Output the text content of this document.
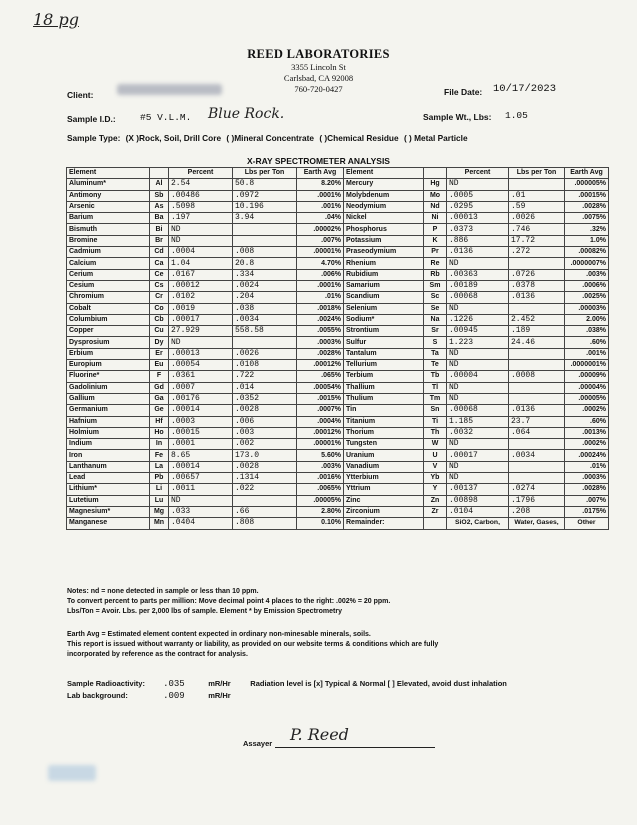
18 pg
REED LABORATORIES
3355 Lincoln St
Carlsbad, CA 92008
760-720-0427
Client:	File Date: 10/17/2023
Sample I.D.:	#5 V.L.M. Blue Rock.	Sample Wt., Lbs: 1.05
Sample Type: (X )Rock, Soil, Drill Core ( )Mineral Concentrate ( )Chemical Residue ( ) Metal Particle
X-RAY SPECTROMETER ANALYSIS
Element		Percent	Lbs per Ton	Earth Avg	Element		Percent	Lbs per Ton	Earth Avg
Aluminum*	Al	2.54	50.8	8.20%	Mercury	Hg	ND		.000005%
Antimony	Sb	.00486	.0972	.0001%	Molybdenum	Mo	.0005	.01	.00015%
Arsenic	As	.5098	10.196	.001%	Neodymium	Nd	.0295	.59	.0028%
Barium	Ba	.197	3.94	.04%	Nickel	Ni	.00013	.0026	.0075%
Bismuth	Bi	ND		.00002%	Phosphorus	P	.0373	.746	.32%
Bromine	Br	ND		.007%	Potassium	K	.886	17.72	1.0%
Cadmium	Cd	.0004	.008	.00001%	Praseodymium	Pr	.0136	.272	.00082%
Calcium	Ca	1.04	20.8	4.70%	Rhenium	Re	ND		.0000007%
Cerium	Ce	.0167	.334	.006%	Rubidium	Rb	.00363	.0726	.003%
Cesium	Cs	.00012	.0024	.0001%	Samarium	Sm	.00189	.0378	.0006%
Chromium	Cr	.0102	.204	.01%	Scandium	Sc	.00068	.0136	.0025%
Cobalt	Co	.0019	.038	.0018%	Selenium	Se	ND		.00003%
Columbium	Cb	.00017	.0034	.0024%	Sodium*	Na	.1226	2.452	2.00%
Copper	Cu	27.929	558.58	.0055%	Strontium	Sr	.00945	.189	.038%
Dysprosium	Dy	ND		.0003%	Sulfur	S	1.223	24.46	.60%
Erbium	Er	.00013	.0026	.0028%	Tantalum	Ta	ND		.001%
Europium	Eu	.00054	.0108	.00012%	Tellurium	Te	ND		.0000001%
Fluorine*	F	.0361	.722	.065%	Terbium	Tb	.00004	.0008	.00009%
Gadolinium	Gd	.0007	.014	.00054%	Thallium	Tl	ND		.00004%
Gallium	Ga	.00176	.0352	.0015%	Thulium	Tm	ND		.00005%
Germanium	Ge	.00014	.0028	.0007%	Tin	Sn	.00068	.0136	.0002%
Hafnium	Hf	.0003	.006	.0004%	Titanium	Ti	1.185	23.7	.60%
Holmium	Ho	.00015	.003	.00012%	Thorium	Th	.0032	.064	.0013%
Indium	In	.0001	.002	.00001%	Tungsten	W	ND		.0002%
Iron	Fe	8.65	173.0	5.60%	Uranium	U	.00017	.0034	.00024%
Lanthanum	La	.00014	.0028	.003%	Vanadium	V	ND		.01%
Lead	Pb	.00657	.1314	.0016%	Ytterbium	Yb	ND		.0003%
Lithium*	Li	.0011	.022	.0065%	Yttrium	Y	.00137	.0274	.0028%
Lutetium	Lu	ND		.00005%	Zinc	Zn	.00898	.1796	.007%
Magnesium*	Mg	.033	.66	2.80%	Zirconium	Zr	.0104	.208	.0175%
Manganese	Mn	.0404	.808	0.10%	Remainder:		SiO2, Carbon,	Water, Gases,	Other
Notes: nd = none detected in sample or less than 10 ppm.
To convert percent to parts per million: Move decimal point 4 places to the right: .002% = 20 ppm.
Lbs/Ton = Avoir. Lbs. per 2,000 lbs of sample. Element * by Emission Spectrometry
Earth Avg = Estimated element content expected in ordinary non-minesable minerals, soils.
This report is issued without warranty or liability, as provided on our website terms & conditions which are fully
incorporated by reference as the contract for analysis.
Sample Radioactivity: .035	mR/Hr	Radiation level is [x] Typical & Normal [ ] Elevated, avoid dust inhalation
Lab background:	.009	mR/Hr
Assayer	P. Reed
